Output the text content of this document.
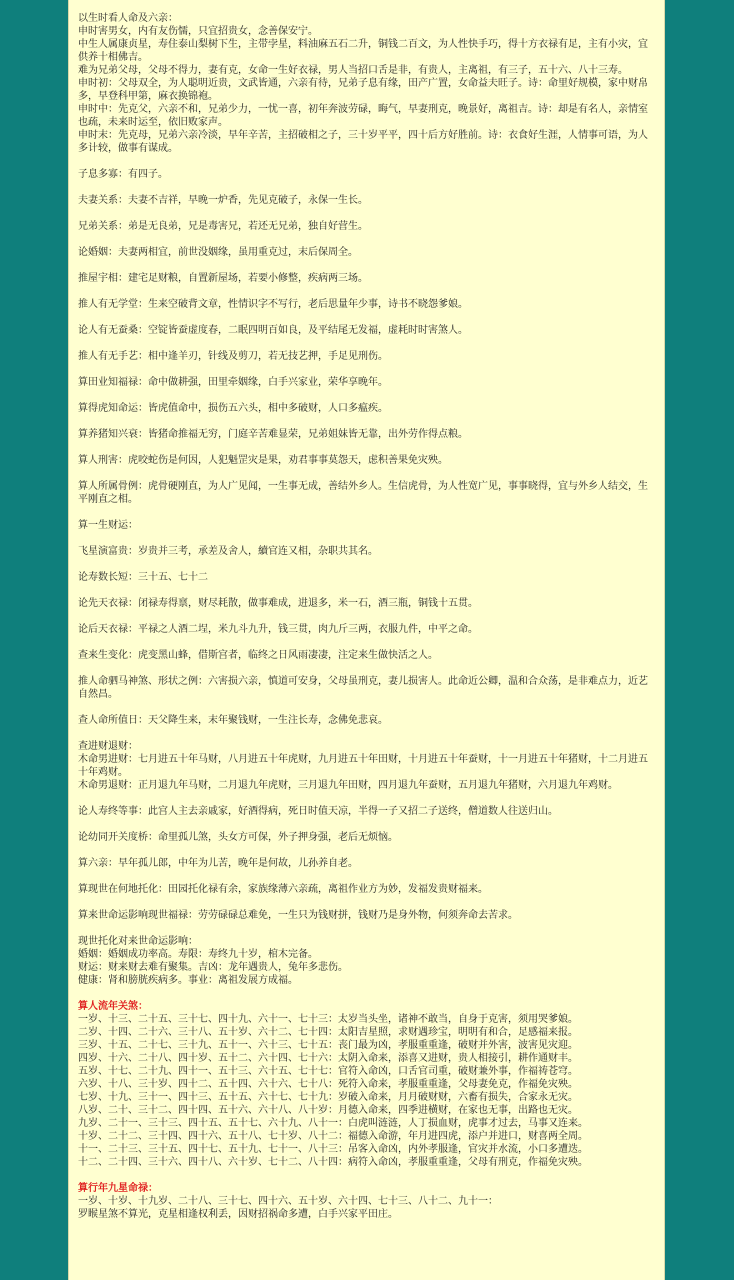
以生时看人命及六亲：

申时害男女，内有友伤懦，只宜招贵女，念善保安宁。

中生人属康贞星，寿住泰山梨树下生，主带孛星，料油麻五石二升，铜钱二百文，为人性快手巧，得十方衣禄有足，主有小灾，宜供养十相佛吉。

难为兄弟父母，父母不得力，妻有克，女命一生好衣禄，男人当招口舌是非，有贵人，主离祖，有三子，五十六、八十三寿。

申时初：父母双全，为人聪明近贵，文武皆通，六亲有待，兄弟子息有缘，田产广置，女命益夫旺子。诗：命里好规模，家中财帛多，早登科甲第，麻衣换锦袍。

申时中：先克父，六亲不和，兄弟少力，一忧一喜，初年奔波劳碌，晦气，早妻刑克，晚景好，离祖吉。诗：却是有名人，亲情室也疏，未来时运至，依旧败家声。

申时末：先克母，兄弟六亲冷淡，早年辛苦，主招破相之子，三十岁平平，四十后方好胜前。诗：衣食好生涯，人情事可语，为人多计较，做事有谋成。

子息多寡：有四子。

夫妻关系：夫妻不吉祥，早晚一炉香，先见克破子，永保一生长。

兄弟关系：弟是无良弟，兄是毒害兄，若还无兄弟，独自好营生。

论婚姻：夫妻两相宜，前世没姻缘，虽用重克过，末后保周全。

推屋宇相：建宅足财粮，自置新屋场，若要小修整，疾病两三场。

推人有无学堂：生来空破背文章，性情识字不写行，老后思量年少事，诗书不晓怨爹娘。

论人有无蚕桑：空锭皆蚕虚度春，二眠四明百如良，及平结尾无发福，虚耗时时害煞人。

推人有无手艺：相中逢羊刃，针线及剪刀，若无技艺押，手足见刑伤。

算田业知福禄：命中做耕强，田里牵姻缘，白手兴家业，荣华享晚年。

算得虎知命运：皆虎值命中，损伤五六头，相中多破财，人口多瘟疾。

算养猪知兴衰：皆猪命推福无穷，门庭辛苦难显荣，兄弟姐妹皆无靠，出外劳作得点粮。

算人刑害：虎咬蛇伤是何因，人犯魁罡灾是果，劝君事事莫怨天，虑积善果免灾殃。

算人所属骨例：虎骨硬刚直，为人广见闻，一生事无成，善结外乡人。生信虎骨，为人性宽广见，事事晓得，宜与外乡人结交，生平刚直之相。

算一生财运：

飞星演富贵：岁贵并三考，承差及舍人，續官连又相，杂职共其名。

论寿数长短：三十五、七十二

论先天衣禄：闭禄寿得禀，财尽耗散，做事难成，进退多，米一石，酒三瓶，铜钱十五贯。

论后天衣禄：平禄之人酒二埕，米九斗九升，钱三贯，肉九斤三两，衣服九件，中平之命。

查来生变化：虎变黑山蜂，借斯宫者，临终之日风雨凄凄，注定来生做快活之人。

推人命驷马神煞、形状之例：六害损六亲，慎道可安身，父母虽刑克，妻儿损害人。此命近公卿，温和合众荡，是非难点力，近艺自然昌。

查人命所值日：天父降生来，末年聚钱财，一生注长寿，念佛免悲哀。

查进财退财：

木命男进财：七月进五十年马财，八月进五十年虎财，九月进五十年田财，十月进五十年蚕财，十一月进五十年猪财，十二月进五十年鸡财。

木命男退财：正月退九年马财，二月退九年虎财，三月退九年田财，四月退九年蚕财，五月退九年猪财，六月退九年鸡财。

论人寿终等事：此宫人主去亲戚家，好酒得病，死日时值天凉，半得一子又招二子送终，僧道数人往送归山。

论幼同开关度桥：命里孤儿煞，头女方可保，外子押身强，老后无烦恼。

算六亲：早年孤儿郎，中年为儿苦，晚年是何故，儿孙养自老。

算现世在何地托化：田园托化禄有余，家族缘薄六亲疏，离祖作业方为妙，发福发贵财福来。

算来世命运影响现世福禄：劳劳碌碌总难免，一生只为钱财拼，钱财乃是身外物，何须奔命去苦求。

现世托化对来世命运影响：

婚姻：婚姻成功率高。寿限：寿终九十岁，棺木完备。

财运：财来财去难有聚集。吉凶：龙年遇贵人，兔年多悲伤。

健康：肾和膀胱疾病多。事业：离祖发展方成福。

算人流年关煞：

一岁、十三、二十五、三十七、四十九、六十一、七十三：太岁当头坐，诸神不敢当，自身于克害，须用哭爹娘。

二岁、十四、二十六、三十八、五十岁、六十二、七十四：太阳吉星照，求财遇珍宝，明明有和合，足感福来报。

三岁、十五、二十七、三十九、五十一、六十三、七十五：丧门最为凶，孝服重重逢，破财并外害，波害见灾迎。

四岁、十六、二十八、四十岁、五十二、六十四、七十六：太阴入命来，添喜又进财，贵人相接引，耕作通财丰。

五岁、十七、二十九、四十一、五十三、六十五、七十七：官符入命凶，口舌官司重，破财兼外事，作福祷苍穹。

六岁、十八、三十岁、四十二、五十四、六十六、七十八：死符入命来，孝服重重逢，父母妻免克，作福免灾殃。

七岁、十九、三十一、四十三、五十五、六十七、七十九：岁破入命来，月月破财财，六畜有损失，合家永无灾。

八岁、二十、三十二、四十四、五十六、六十八、八十岁：月德入命来，四季进横财，在家也无事，出路也无灾。

九岁、二十一、三十三、四十五、五十七、六十九、八十一：白虎叫涟涟，人丁损血财，虎事才过去，马事又连来。

十岁、二十二、三十四、四十六、五十八、七十岁、八十二：福德入命游，年月进四虎，添户并进口，财喜两全周。

十一、二十三、三十五、四十七、五十九、七十一、八十三：吊客入命凶，内外孝服逢，官灾并水流，小口多遭迭。

十二、二十四、三十六、四十八、六十岁、七十二、八十四：病符入命凶，孝服重重逢，父母有刑克，作福免灾殃。

算行年九星命禄：

一岁、十岁、十九岁、二十八、三十七、四十六、五十岁、六十四、七十三、八十二、九十一：

罗睺星煞不算光，克星相逢权利丢，因财招祸命多遭，白手兴家平田庄。
